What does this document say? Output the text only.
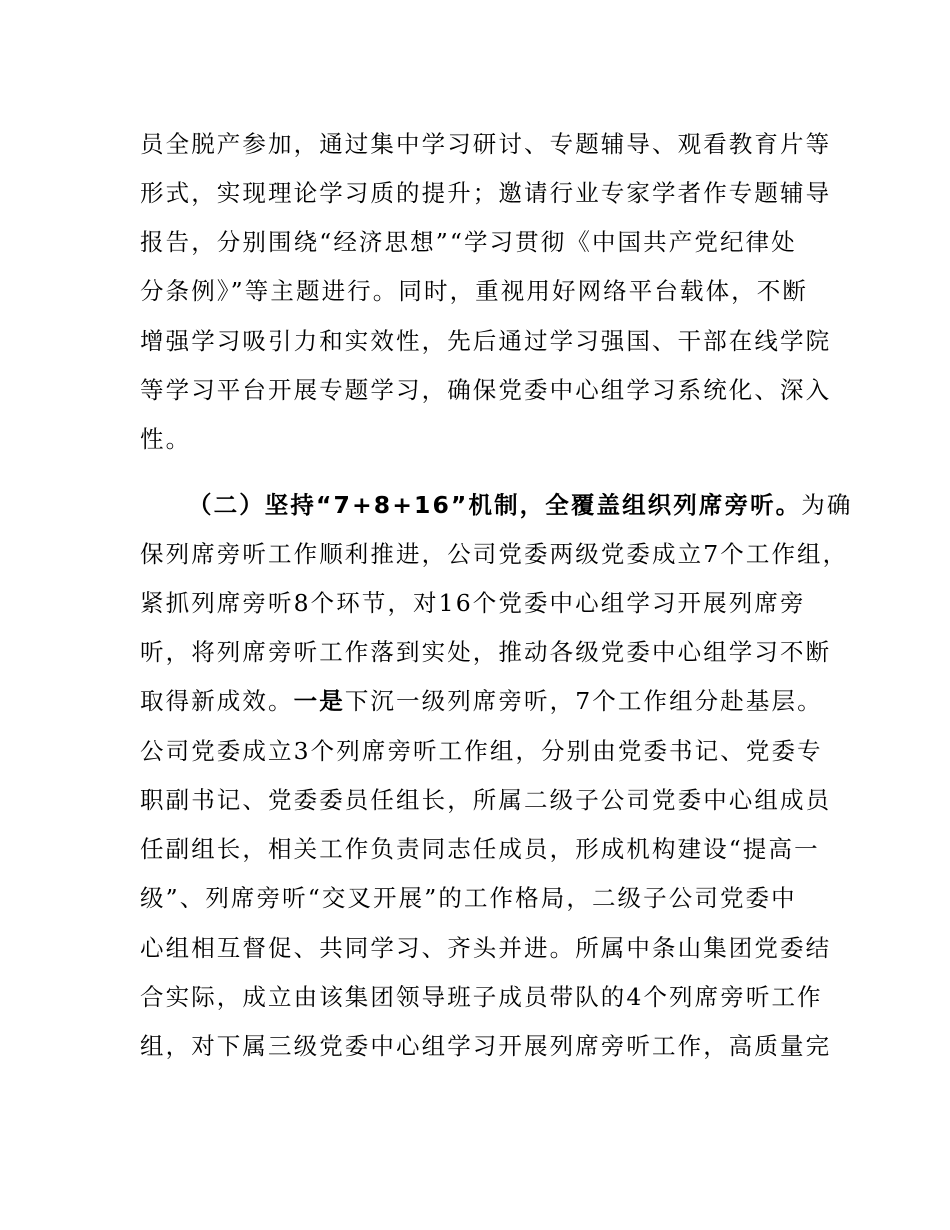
员全脱产参加，通过集中学习研讨、专题辅导、观看教育片等
形式，实现理论学习质的提升；邀请行业专家学者作专题辅导
报告，分别围绕“经济思想”“学习贯彻《中国共产党纪律处
分条例》”等主题进行。同时，重视用好网络平台载体，不断
增强学习吸引力和实效性，先后通过学习强国、干部在线学院
等学习平台开展专题学习，确保党委中心组学习系统化、深入
性。
（二）坚持“7+8+16”机制，全覆盖组织列席旁听。为确
保列席旁听工作顺利推进，公司党委两级党委成立7个工作组，
紧抓列席旁听8个环节，对16个党委中心组学习开展列席旁
听，将列席旁听工作落到实处，推动各级党委中心组学习不断
取得新成效。一是下沉一级列席旁听，7个工作组分赴基层。
公司党委成立3个列席旁听工作组，分别由党委书记、党委专
职副书记、党委委员任组长，所属二级子公司党委中心组成员
任副组长，相关工作负责同志任成员，形成机构建设“提高一
级”、列席旁听“交叉开展”的工作格局，二级子公司党委中
心组相互督促、共同学习、齐头并进。所属中条山集团党委结
合实际，成立由该集团领导班子成员带队的4个列席旁听工作
组，对下属三级党委中心组学习开展列席旁听工作，高质量完
